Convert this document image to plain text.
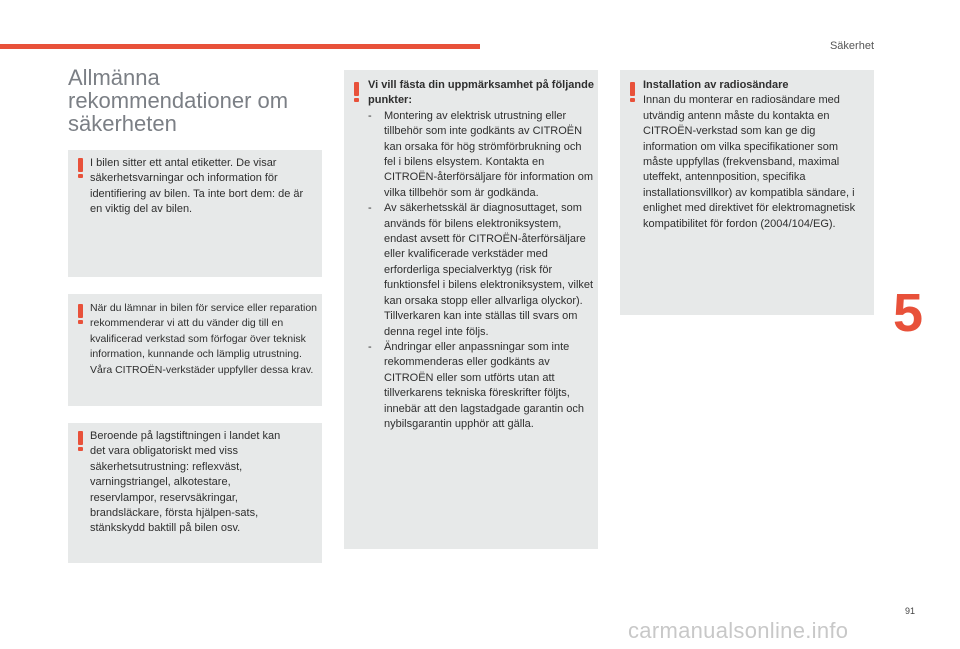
Säkerhet
Allmänna rekommendationer om säkerheten
I bilen sitter ett antal etiketter. De visar säkerhetsvarningar och information för identifiering av bilen. Ta inte bort dem: de är en viktig del av bilen.
När du lämnar in bilen för service eller reparation rekommenderar vi att du vänder dig till en kvalificerad verkstad som förfogar över teknisk information, kunnande och lämplig utrustning. Våra CITROËN-verkstäder uppfyller dessa krav.
Beroende på lagstiftningen i landet kan det vara obligatoriskt med viss säkerhetsutrustning: reflexväst, varningstriangel, alkotestare, reservlampor, reservsäkringar, brandsläckare, första hjälpen-sats, stänkskydd baktill på bilen osv.

Vi vill fästa din uppmärksamhet på följande punkter:

- Montering av elektrisk utrustning eller tillbehör som inte godkänts av CITROËN kan orsaka för hög strömförbrukning och fel i bilens elsystem. Kontakta en CITROËN-återförsäljare för information om vilka tillbehör som är godkända.
- Av säkerhetsskäl är diagnosuttaget, som används för bilens elektroniksystem, endast avsett för CITROËN-återförsäljare eller kvalificerade verkstäder med erforderliga specialverktyg (risk för funktionsfel i bilens elektroniksystem, vilket kan orsaka stopp eller allvarliga olyckor). Tillverkaren kan inte ställas till svars om denna regel inte följs.
- Ändringar eller anpassningar som inte rekommenderas eller godkänts av CITROËN eller som utförts utan att tillverkarens tekniska föreskrifter följts, innebär att den lagstadgade garantin och nybilsgarantin upphör att gälla.

Installation av radiosändare

Innan du monterar en radiosändare med utvändig antenn måste du kontakta en CITROËN-verkstad som kan ge dig information om vilka specifikationer som måste uppfyllas (frekvensband, maximal uteffekt, antennposition, specifika installationsvillkor) av kompatibla sändare, i enlighet med direktivet för elektromagnetisk kompatibilitet för fordon (2004/104/EG).

5
91
carmanualsonline.info
